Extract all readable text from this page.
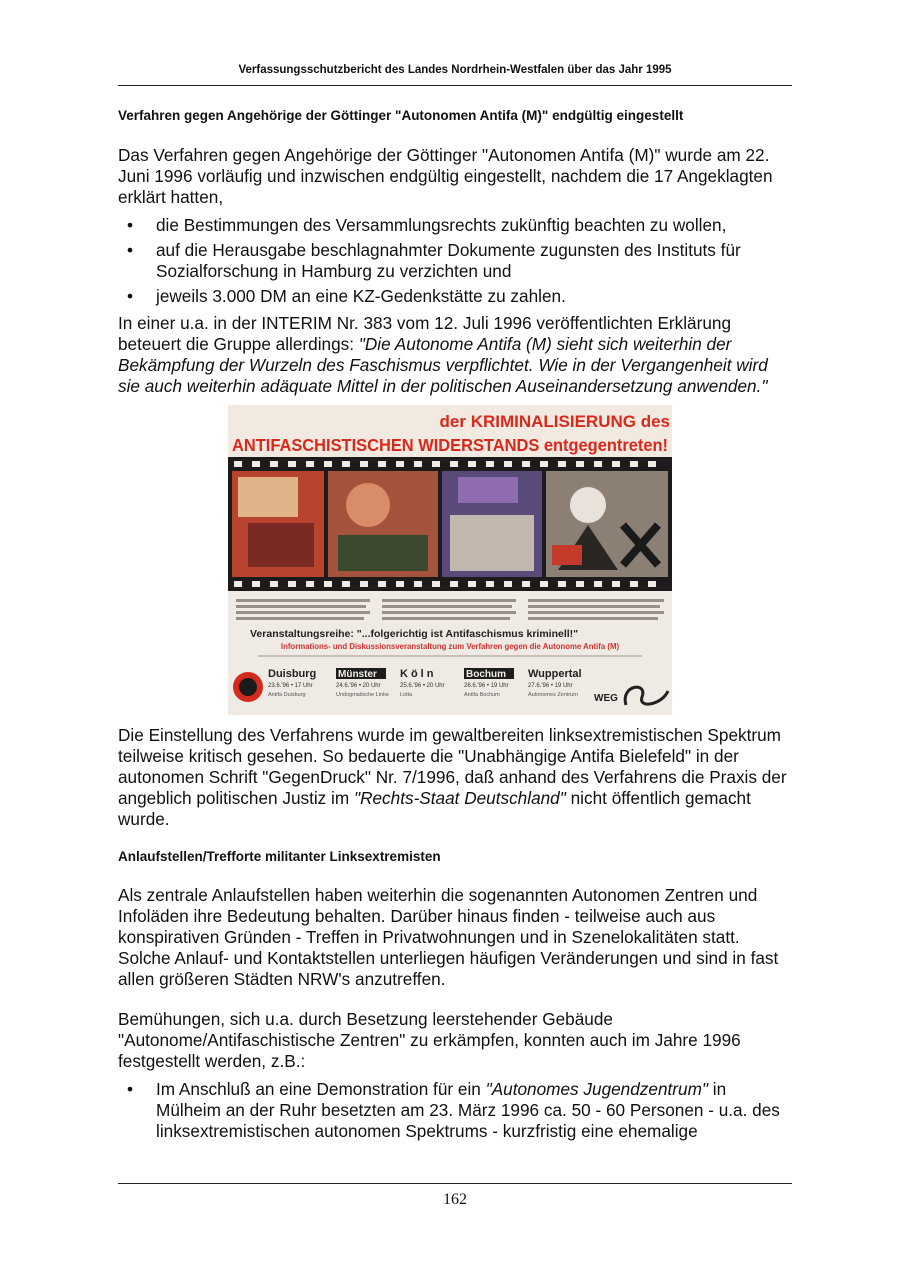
Verfassungsschutzbericht des Landes Nordrhein-Westfalen über das Jahr 1995
Verfahren gegen Angehörige der Göttinger "Autonomen Antifa (M)" endgültig eingestellt

Das Verfahren gegen Angehörige der Göttinger "Autonomen Antifa (M)" wurde am 22. Juni 1996 vorläufig und inzwischen endgültig eingestellt, nachdem die 17 Angeklagten erklärt hatten,

• die Bestimmungen des Versammlungsrechts zukünftig beachten zu wollen,
• auf die Herausgabe beschlagnahmter Dokumente zugunsten des Instituts für Sozialforschung in Hamburg zu verzichten und
• jeweils 3.000 DM an eine KZ-Gedenkstätte zu zahlen.

In einer u.a. in der INTERIM Nr. 383 vom 12. Juli 1996 veröffentlichten Erklärung beteuert die Gruppe allerdings: "Die Autonome Antifa (M) sieht sich weiterhin der Bekämpfung der Wurzeln des Faschismus verpflichtet. Wie in der Vergangenheit wird sie auch weiterhin adäquate Mittel in der politischen Auseinandersetzung anwenden."

der KRIMINALISIERUNG des
ANTIFASCHISTISCHEN WIDERSTANDS entgegentreten!
Veranstaltungsreihe: "...folgerichtig ist Antifaschismus kriminell!"
Informations- und Diskussionsveranstaltung zum Verfahren gegen die Autonome Antifa (M)
Duisburg
23.6.'96 • 17 Uhr
Antifa Duisburg
Münster
24.6.'96 • 20 Uhr
Undogmatische Linke
Köln
25.6.'96 • 20 Uhr
Lotta
Bochum
26.6.'96 • 19 Uhr
Antifa Bochum
Wuppertal
27.6.'96 • 19 Uhr
Autonomes Zentrum WEG

Die Einstellung des Verfahrens wurde im gewaltbereiten linksextremistischen Spektrum teilweise kritisch gesehen. So bedauerte die "Unabhängige Antifa Bielefeld" in der autonomen Schrift "GegenDruck" Nr. 7/1996, daß anhand des Verfahrens die Praxis der angeblich politischen Justiz im "Rechts-Staat Deutschland" nicht öffentlich gemacht wurde.

Anlaufstellen/Trefforte militanter Linksextremisten

Als zentrale Anlaufstellen haben weiterhin die sogenannten Autonomen Zentren und Infoläden ihre Bedeutung behalten. Darüber hinaus finden - teilweise auch aus konspirativen Gründen - Treffen in Privatwohnungen und in Szenelokalitäten statt. Solche Anlauf- und Kontaktstellen unterliegen häufigen Veränderungen und sind in fast allen größeren Städten NRW's anzutreffen.

Bemühungen, sich u.a. durch Besetzung leerstehender Gebäude "Autonome/Antifaschistische Zentren" zu erkämpfen, konnten auch im Jahre 1996 festgestellt werden, z.B.:

• Im Anschluß an eine Demonstration für ein "Autonomes Jugendzentrum" in Mülheim an der Ruhr besetzten am 23. März 1996 ca. 50 - 60 Personen - u.a. des linksextremistischen autonomen Spektrums - kurzfristig eine ehemalige
162
